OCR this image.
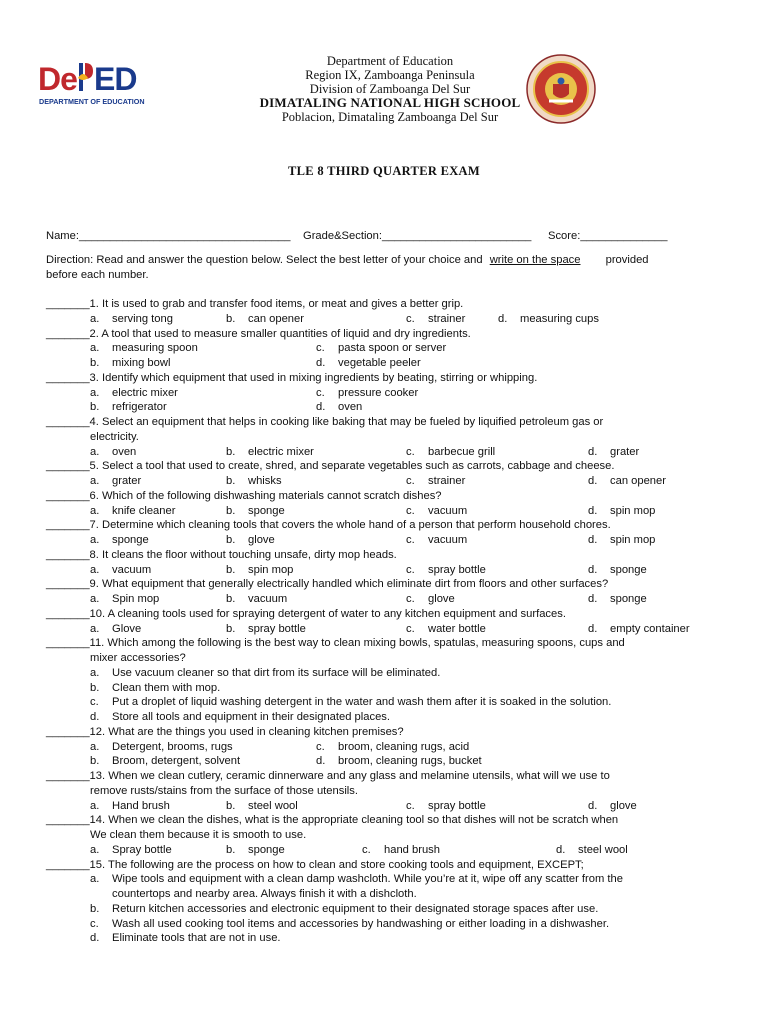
De ED
DEPARTMENT OF EDUCATION
Department of Education
Region IX, Zamboanga Peninsula
Division of Zamboanga Del Sur
DIMATALING NATIONAL HIGH SCHOOL
Poblacion, Dimataling Zamboanga Del Sur
TLE 8 THIRD QUARTER EXAM
Name:__________________________________ Grade&Section:________________________ Score:______________
Direction: Read and answer the question below. Select the best letter of your choice and write on the space provided
before each number.
_______1. It is used to grab and transfer food items, or meat and gives a better grip.
a. serving tong	b. can opener	c. strainer	d. measuring cups
_______2. A tool that used to measure smaller quantities of liquid and dry ingredients.
a. measuring spoon	c. pasta spoon or server
b. mixing bowl	d. vegetable peeler
_______3. Identify which equipment that used in mixing ingredients by beating, stirring or whipping.
a. electric mixer	c. pressure cooker
b. refrigerator	d. oven
_______4. Select an equipment that helps in cooking like baking that may be fueled by liquified petroleum gas or
electricity.
a. oven	b. electric mixer	c. barbecue grill	d. grater
_______5. Select a tool that used to create, shred, and separate vegetables such as carrots, cabbage and cheese.
a. grater	b. whisks	c. strainer	d. can opener
_______6. Which of the following dishwashing materials cannot scratch dishes?
a. knife cleaner	b. sponge	c. vacuum	d. spin mop
_______7. Determine which cleaning tools that covers the whole hand of a person that perform household chores.
a. sponge	b. glove	c. vacuum	d. spin mop
_______8. It cleans the floor without touching unsafe, dirty mop heads.
a. vacuum	b. spin mop	c. spray bottle	d. sponge
_______9. What equipment that generally electrically handled which eliminate dirt from floors and other surfaces?
a. Spin mop	b. vacuum	c. glove	d. sponge
_______10. A cleaning tools used for spraying detergent of water to any kitchen equipment and surfaces.
a. Glove	b. spray bottle	c. water bottle	d. empty container
_______11. Which among the following is the best way to clean mixing bowls, spatulas, measuring spoons, cups and
mixer accessories?
a. Use vacuum cleaner so that dirt from its surface will be eliminated.
b. Clean them with mop.
c. Put a droplet of liquid washing detergent in the water and wash them after it is soaked in the solution.
d. Store all tools and equipment in their designated places.
_______12. What are the things you used in cleaning kitchen premises?
a. Detergent, brooms, rugs	c. broom, cleaning rugs, acid
b. Broom, detergent, solvent	d. broom, cleaning rugs, bucket
_______13. When we clean cutlery, ceramic dinnerware and any glass and melamine utensils, what will we use to
remove rusts/stains from the surface of those utensils.
a. Hand brush	b. steel wool	c. spray bottle	d. glove
_______14. When we clean the dishes, what is the appropriate cleaning tool so that dishes will not be scratch when
We clean them because it is smooth to use.
a. Spray bottle	b. sponge	c. hand brush	d. steel wool
_______15. The following are the process on how to clean and store cooking tools and equipment, EXCEPT;
a. Wipe tools and equipment with a clean damp washcloth. While you’re at it, wipe off any scatter from the
countertops and nearby area. Always finish it with a dishcloth.
b. Return kitchen accessories and electronic equipment to their designated storage spaces after use.
c. Wash all used cooking tool items and accessories by handwashing or either loading in a dishwasher.
d. Eliminate tools that are not in use.
